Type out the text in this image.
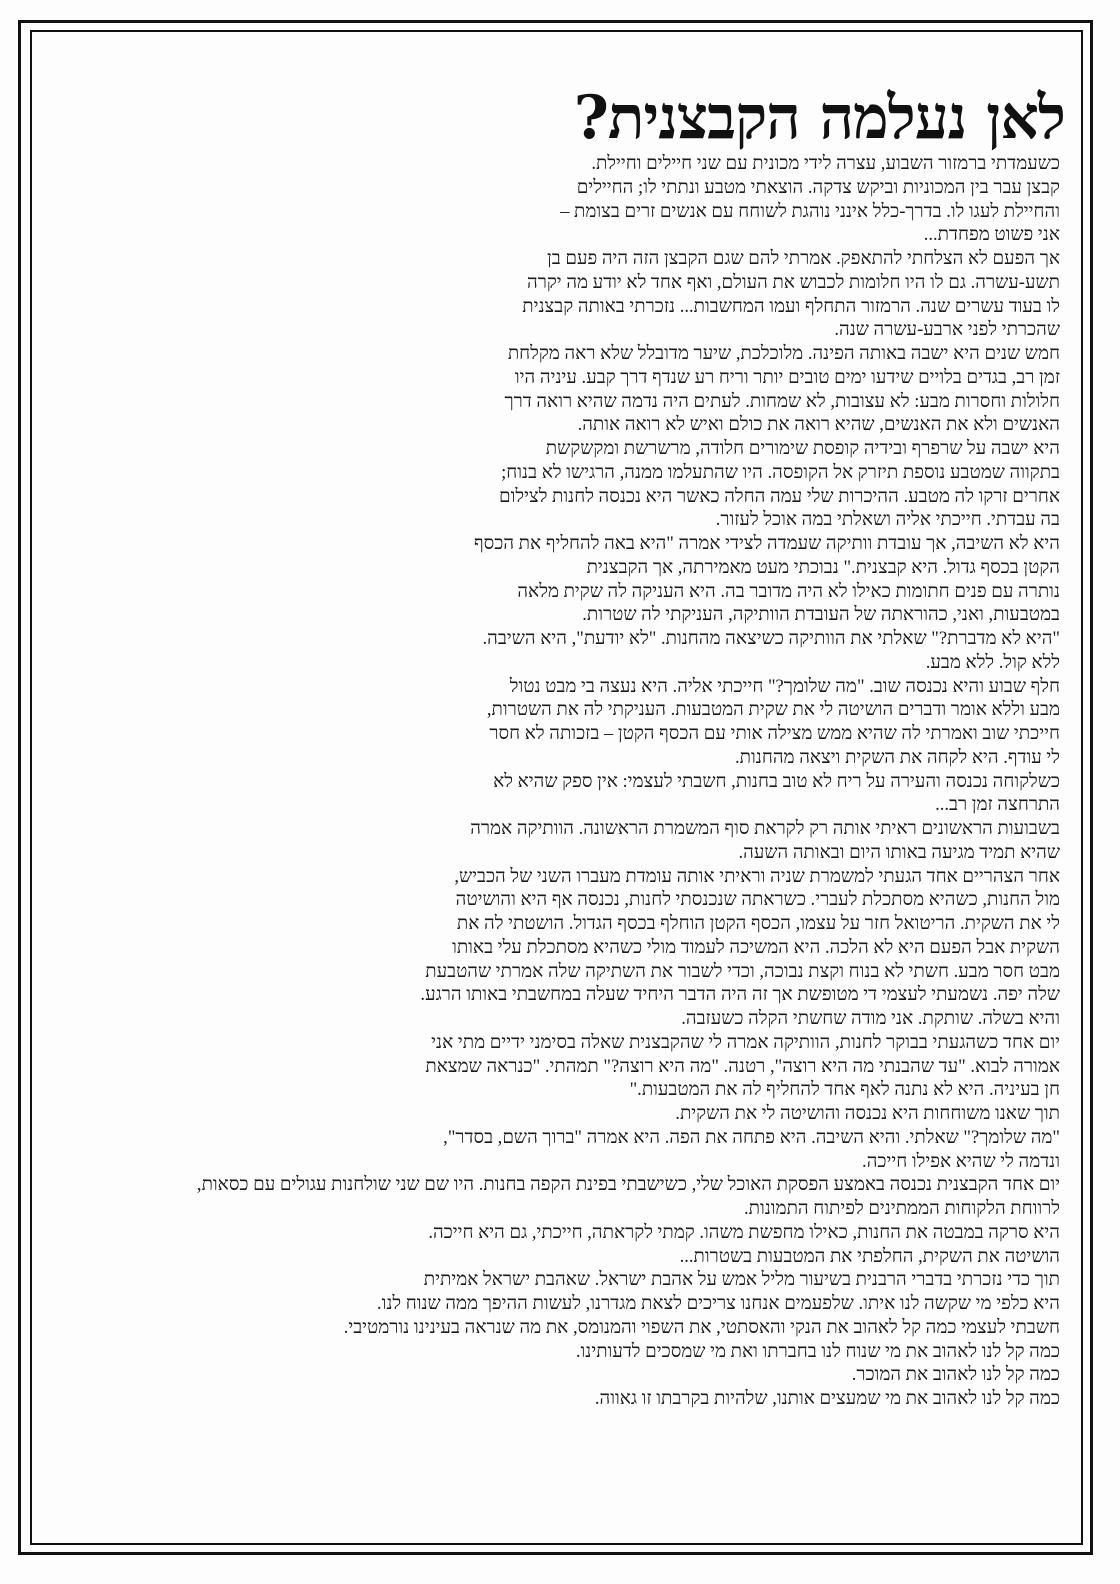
לאן נעלמה הקבצנית?
כשעמדתי ברמזור השבוע, עצרה לידי מכונית עם שני חיילים וחיילת.
קבצן עבר בין המכוניות וביקש צדקה. הוצאתי מטבע ונתתי לו; החיילים
והחיילת לעגו לו. בדרך-כלל אינני נוהגת לשוחח עם אנשים זרים בצומת –
אני פשוט מפחדת...
אך הפעם לא הצלחתי להתאפק. אמרתי להם שגם הקבצן הזה היה פעם בן
תשע-עשרה. גם לו היו חלומות לכבוש את העולם, ואף אחד לא יודע מה יקרה
לו בעוד עשרים שנה. הרמזור התחלף ועמו המחשבות... נזכרתי באותה קבצנית
שהכרתי לפני ארבע-עשרה שנה.
חמש שנים היא ישבה באותה הפינה. מלוכלכת, שיער מדובלל שלא ראה מקלחת
זמן רב, בגדים בלויים שידעו ימים טובים יותר וריח רע שנדף דרך קבע. עיניה היו
חלולות וחסרות מבע: לא עצובות, לא שמחות. לעתים היה נדמה שהיא רואה דרך
האנשים ולא את האנשים, שהיא רואה את כולם ואיש לא רואה אותה.
היא ישבה על שרפרף ובידיה קופסת שימורים חלודה, מרשרשת ומקשקשת
בתקווה שמטבע נוספת תיזרק אל הקופסה. היו שהתעלמו ממנה, הרגישו לא בנוח;
אחרים זרקו לה מטבע. ההיכרות שלי עמה החלה כאשר היא נכנסה לחנות לצילום
בה עבדתי. חייכתי אליה ושאלתי במה אוכל לעזור.
היא לא השיבה, אך עובדת וותיקה שעמדה לצידי אמרה "היא באה להחליף את הכסף
הקטן בכסף גדול. היא קבצנית." נבוכתי מעט מאמירתה, אך הקבצנית
נותרה עם פנים חתומות כאילו לא היה מדובר בה. היא העניקה לה שקית מלאה
במטבעות, ואני, כהוראתה של העובדת הוותיקה, העניקתי לה שטרות.
"היא לא מדברת?" שאלתי את הוותיקה כשיצאה מהחנות. "לא יודעת", היא השיבה.
ללא קול. ללא מבע.
חלף שבוע והיא נכנסה שוב. "מה שלומך?" חייכתי אליה. היא נעצה בי מבט נטול
מבע וללא אומר ודברים הושיטה לי את שקית המטבעות. העניקתי לה את השטרות,
חייכתי שוב ואמרתי לה שהיא ממש מצילה אותי עם הכסף הקטן – בזכותה לא חסר
לי עודף. היא לקחה את השקית ויצאה מהחנות.
כשלקוחה נכנסה והעירה על ריח לא טוב בחנות, חשבתי לעצמי: אין ספק שהיא לא
התרחצה זמן רב...
בשבועות הראשונים ראיתי אותה רק לקראת סוף המשמרת הראשונה. הוותיקה אמרה
שהיא תמיד מגיעה באותו היום ובאותה השעה.
אחר הצהריים אחד הגעתי למשמרת שניה וראיתי אותה עומדת מעברו השני של הכביש,
מול החנות, כשהיא מסתכלת לעברי. כשראתה שנכנסתי לחנות, נכנסה אף היא והושיטה
לי את השקית. הריטואל חזר על עצמו, הכסף הקטן הוחלף בכסף הגדול. הושטתי לה את
השקית אבל הפעם היא לא הלכה. היא המשיכה לעמוד מולי כשהיא מסתכלת עלי באותו
מבט חסר מבע. חשתי לא בנוח וקצת נבוכה, וכדי לשבור את השתיקה שלה אמרתי שהטבעת
שלה יפה. נשמעתי לעצמי די מטופשת אך זה היה הדבר היחיד שעלה במחשבתי באותו הרגע.
והיא בשלה. שותקת. אני מודה שחשתי הקלה כשעזבה.
יום אחד כשהגעתי בבוקר לחנות, הוותיקה אמרה לי שהקבצנית שאלה בסימני ידיים מתי אני
אמורה לבוא. "עד שהבנתי מה היא רוצה", רטנה. "מה היא רוצה?" תמהתי. "כנראה שמצאת
חן בעיניה. היא לא נתנה לאף אחד להחליף לה את המטבעות."
תוך שאנו משוחחות היא נכנסה והושיטה לי את השקית.
"מה שלומך?" שאלתי. והיא השיבה. היא פתחה את הפה. היא אמרה "ברוך השם, בסדר",
ונדמה לי שהיא אפילו חייכה.
יום אחד הקבצנית נכנסה באמצע הפסקת האוכל שלי, כשישבתי בפינת הקפה בחנות. היו שם שני שולחנות עגולים עם כסאות,
לרווחת הלקוחות הממתינים לפיתוח התמונות.
היא סרקה במבטה את החנות, כאילו מחפשת משהו. קמתי לקראתה, חייכתי, גם היא חייכה.
הושיטה את השקית, החלפתי את המטבעות בשטרות...
תוך כדי נזכרתי בדברי הרבנית בשיעור מליל אמש על אהבת ישראל. שאהבת ישראל אמיתית
היא כלפי מי שקשה לנו איתו. שלפעמים אנחנו צריכים לצאת מגדרנו, לעשות ההיפך ממה שנוח לנו.
חשבתי לעצמי כמה קל לאהוב את הנקי והאסתטי, את השפוי והמנומס, את מה שנראה בעינינו נורמטיבי.
כמה קל לנו לאהוב את מי שנוח לנו בחברתו ואת מי שמסכים לדעותינו.
כמה קל לנו לאהוב את המוכר.
כמה קל לנו לאהוב את מי שמעצים אותנו, שלהיות בקרבתו זו גאווה.
